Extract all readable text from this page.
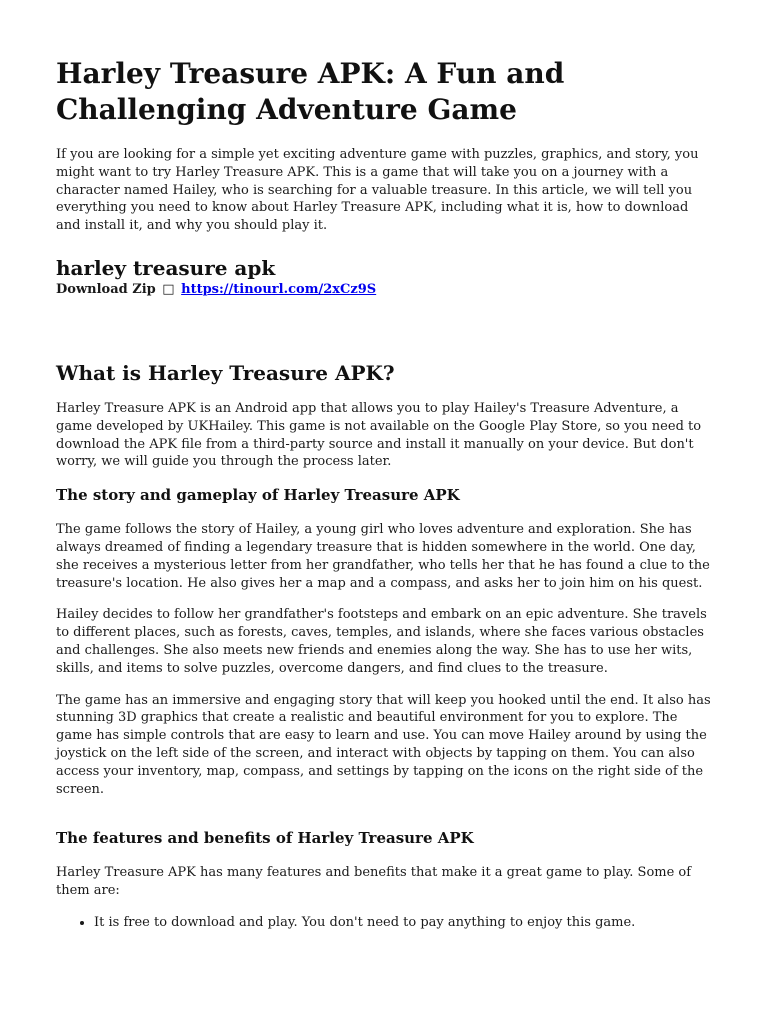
Harley Treasure APK: A Fun and Challenging Adventure Game

If you are looking for a simple yet exciting adventure game with puzzles, graphics, and story, you might want to try Harley Treasure APK. This is a game that will take you on a journey with a character named Hailey, who is searching for a valuable treasure. In this article, we will tell you everything you need to know about Harley Treasure APK, including what it is, how to download and install it, and why you should play it.

harley treasure apk
Download Zip □ https://tinourl.com/2xCz9S
What is Harley Treasure APK?

Harley Treasure APK is an Android app that allows you to play Hailey's Treasure Adventure, a game developed by UKHailey. This game is not available on the Google Play Store, so you need to download the APK file from a third-party source and install it manually on your device. But don't worry, we will guide you through the process later.

The story and gameplay of Harley Treasure APK

The game follows the story of Hailey, a young girl who loves adventure and exploration. She has always dreamed of finding a legendary treasure that is hidden somewhere in the world. One day, she receives a mysterious letter from her grandfather, who tells her that he has found a clue to the treasure's location. He also gives her a map and a compass, and asks her to join him on his quest.

Hailey decides to follow her grandfather's footsteps and embark on an epic adventure. She travels to different places, such as forests, caves, temples, and islands, where she faces various obstacles and challenges. She also meets new friends and enemies along the way. She has to use her wits, skills, and items to solve puzzles, overcome dangers, and find clues to the treasure.

The game has an immersive and engaging story that will keep you hooked until the end. It also has stunning 3D graphics that create a realistic and beautiful environment for you to explore. The game has simple controls that are easy to learn and use. You can move Hailey around by using the joystick on the left side of the screen, and interact with objects by tapping on them. You can also access your inventory, map, compass, and settings by tapping on the icons on the right side of the screen.

The features and benefits of Harley Treasure APK

Harley Treasure APK has many features and benefits that make it a great game to play. Some of them are:

• It is free to download and play. You don't need to pay anything to enjoy this game.
